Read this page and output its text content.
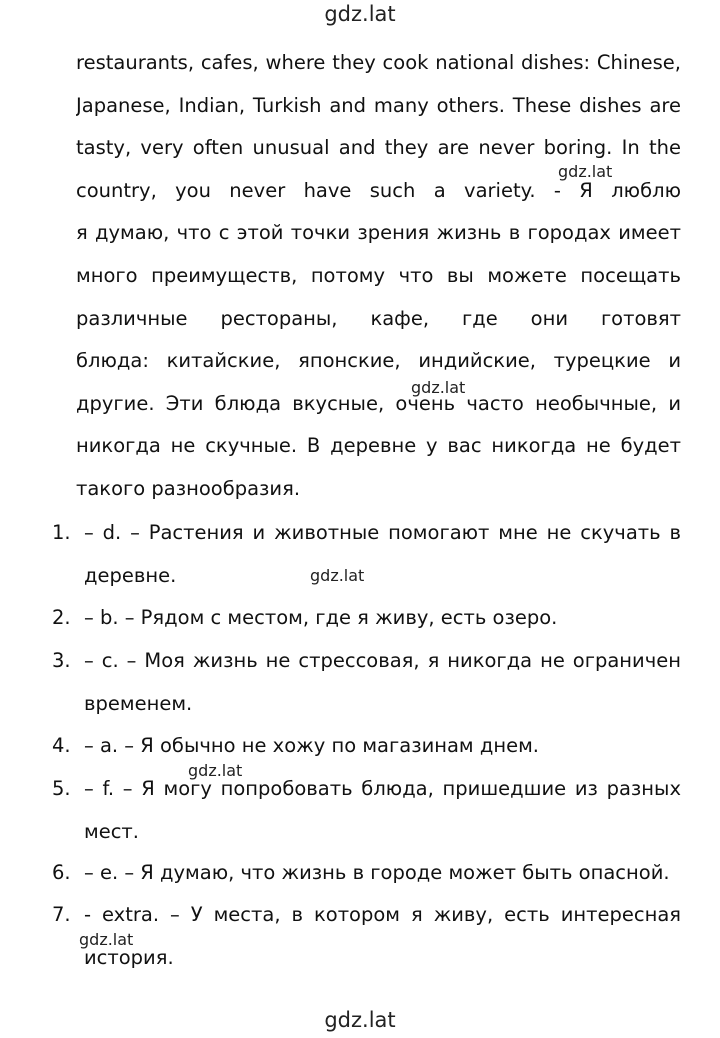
gdz.lat
restaurants, cafes, where they cook national dishes: Chinese,
Japanese, Indian, Turkish and many others. These dishes are
tasty, very often unusual and they are never boring. In the
country, you never have such a variety. - Я люблю
я думаю, что с этой точки зрения жизнь в городах имеет
много преимуществ, потому что вы можете посещать
различные рестораны, кафе, где они готовят
блюда: китайские, японские, индийские, турецкие и
другие. Эти блюда вкусные, очень часто необычные, и
никогда не скучные. В деревне у вас никогда не будет
такого разнообразия.
1. – d. – Растения и животные помогают мне не скучать в
деревне.
2. – b. – Рядом с местом, где я живу, есть озеро.
3. – c. – Моя жизнь не стрессовая, я никогда не ограничен
временем.
4. – a. – Я обычно не хожу по магазинам днем.
5. – f. – Я могу попробовать блюда, пришедшие из разных
мест.
6. – e. – Я думаю, что жизнь в городе может быть опасной.
7. - extra. – У места, в котором я живу, есть интересная
история.
gdz.lat
gdz.lat
gdz.lat
gdz.lat
gdz.lat
gdz.lat
